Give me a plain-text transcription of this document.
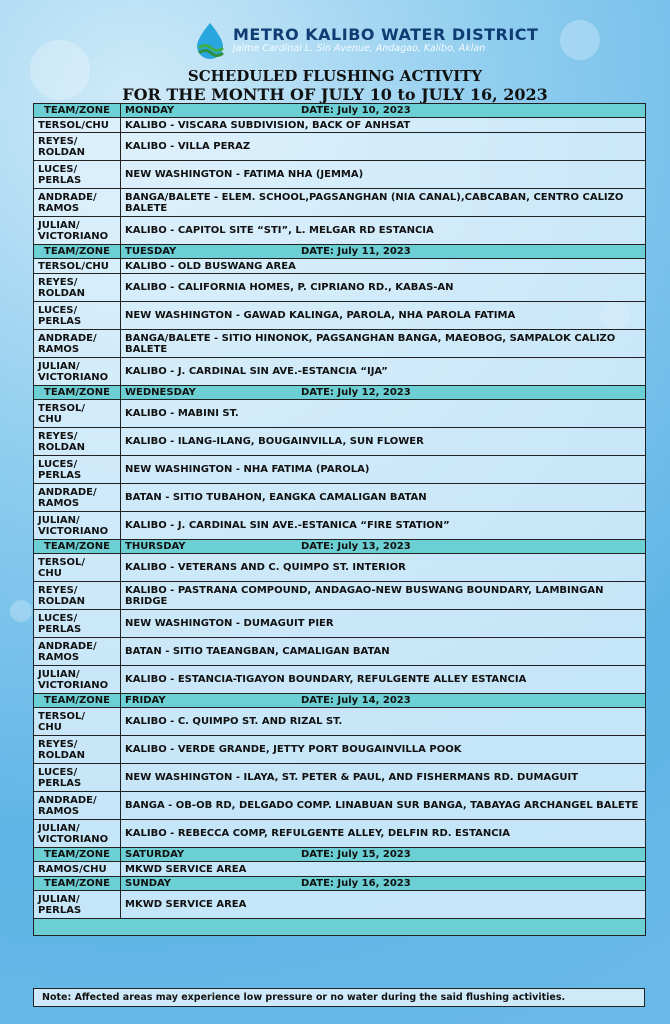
METRO KALIBO WATER DISTRICT
Jaime Cardinal L. Sin Avenue, Andagao, Kalibo, Aklan
SCHEDULED FLUSHING ACTIVITY
FOR THE MONTH OF JULY 10 to JULY 16, 2023
TEAM/ZONE	MONDAY DATE: July 10, 2023

TERSOL/CHU	KALIBO - VISCARA SUBDIVISION, BACK OF ANHSAT
REYES/
ROLDAN	KALIBO - VILLA PERAZ
LUCES/
PERLAS	NEW WASHINGTON - FATIMA NHA (JEMMA)
ANDRADE/
RAMOS	BANGA/BALETE - ELEM. SCHOOL,PAGSANGHAN (NIA CANAL),CABCABAN, CENTRO CALIZO BALETE
JULIAN/
VICTORIANO	KALIBO - CAPITOL SITE “STI”, L. MELGAR RD ESTANCIA
TEAM/ZONE	TUESDAY DATE: July 11, 2023

TERSOL/CHU	KALIBO - OLD BUSWANG AREA
REYES/
ROLDAN	KALIBO - CALIFORNIA HOMES, P. CIPRIANO RD., KABAS-AN
LUCES/
PERLAS	NEW WASHINGTON - GAWAD KALINGA, PAROLA, NHA PAROLA FATIMA
ANDRADE/
RAMOS	BANGA/BALETE - SITIO HINONOK, PAGSANGHAN BANGA, MAEOBOG, SAMPALOK CALIZO BALETE
JULIAN/
VICTORIANO	KALIBO - J. CARDINAL SIN AVE.-ESTANCIA “IJA”
TEAM/ZONE	WEDNESDAY DATE: July 12, 2023

TERSOL/
CHU	KALIBO - MABINI ST.
REYES/
ROLDAN	KALIBO - ILANG-ILANG, BOUGAINVILLA, SUN FLOWER
LUCES/
PERLAS	NEW WASHINGTON - NHA FATIMA (PAROLA)
ANDRADE/
RAMOS	BATAN - SITIO TUBAHON, EANGKA CAMALIGAN BATAN
JULIAN/
VICTORIANO	KALIBO - J. CARDINAL SIN AVE.-ESTANICA “FIRE STATION”
TEAM/ZONE	THURSDAY DATE: July 13, 2023

TERSOL/
CHU	KALIBO - VETERANS AND C. QUIMPO ST. INTERIOR
REYES/
ROLDAN	KALIBO - PASTRANA COMPOUND, ANDAGAO-NEW BUSWANG BOUNDARY, LAMBINGAN BRIDGE
LUCES/
PERLAS	NEW WASHINGTON - DUMAGUIT PIER
ANDRADE/
RAMOS	BATAN - SITIO TAEANGBAN, CAMALIGAN BATAN
JULIAN/
VICTORIANO	KALIBO - ESTANCIA-TIGAYON BOUNDARY, REFULGENTE ALLEY ESTANCIA
TEAM/ZONE	FRIDAY DATE: July 14, 2023

TERSOL/
CHU	KALIBO - C. QUIMPO ST. AND RIZAL ST.
REYES/
ROLDAN	KALIBO - VERDE GRANDE, JETTY PORT BOUGAINVILLA POOK
LUCES/
PERLAS	NEW WASHINGTON - ILAYA, ST. PETER & PAUL, AND FISHERMANS RD. DUMAGUIT
ANDRADE/
RAMOS	BANGA - OB-OB RD, DELGADO COMP. LINABUAN SUR BANGA, TABAYAG ARCHANGEL BALETE
JULIAN/
VICTORIANO	KALIBO - REBECCA COMP, REFULGENTE ALLEY, DELFIN RD. ESTANCIA
TEAM/ZONE	SATURDAY DATE: July 15, 2023

RAMOS/CHU	MKWD SERVICE AREA
TEAM/ZONE	SUNDAY DATE: July 16, 2023

JULIAN/
PERLAS	MKWD SERVICE AREA

Note: Affected areas may experience low pressure or no water during the said flushing activities.
